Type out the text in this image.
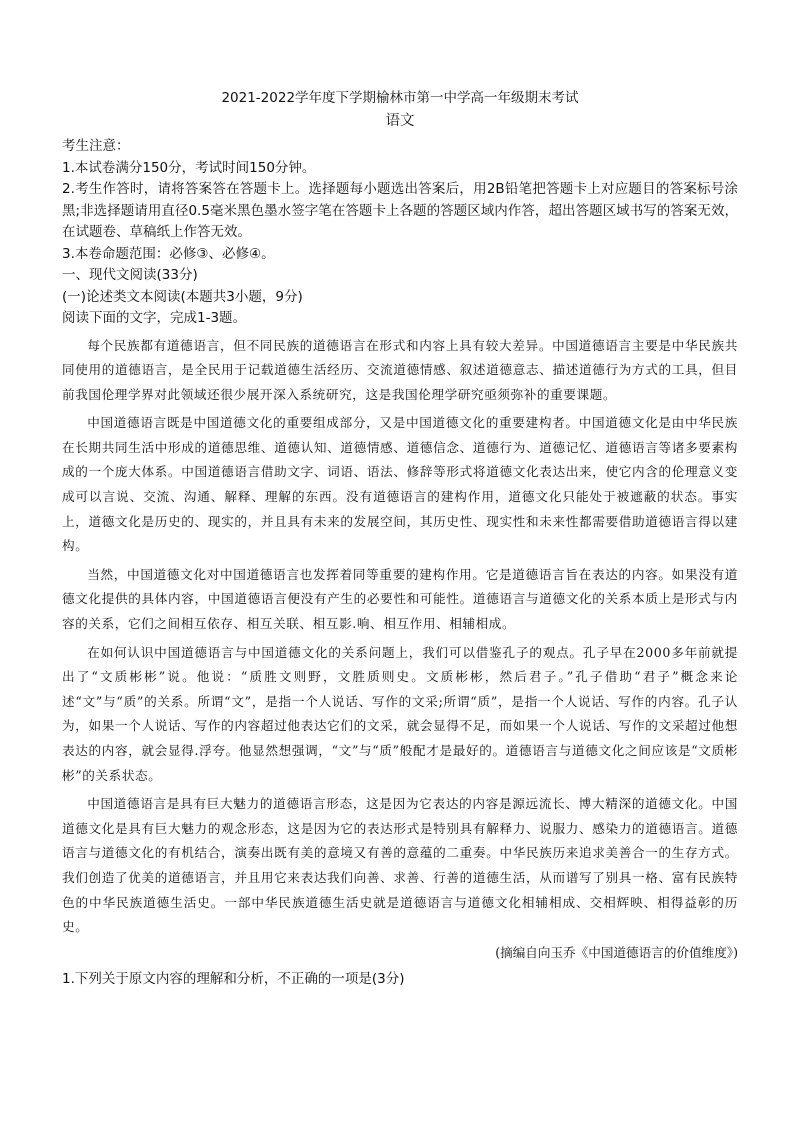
2021-2022学年度下学期榆林市第一中学高一年级期末考试

语文

考生注意：

1.本试卷满分150分，考试时间150分钟。

2.考生作答时，请将答案答在答题卡上。选择题每小题选出答案后，用2B铅笔把答题卡上对应题目的答案标号涂黑;非选择题请用直径0.5毫米黑色墨水签字笔在答题卡上各题的答题区域内作答，超出答题区域书写的答案无效，在试题卷、草稿纸上作答无效。

3.本卷命题范围：必修③、必修④。

一、现代文阅读(33分)

(一)论述类文本阅读(本题共3小题，9分)

阅读下面的文字，完成1-3题。

每个民族都有道德语言，但不同民族的道德语言在形式和内容上具有较大差异。中国道德语言主要是中华民族共同使用的道德语言，是全民用于记载道德生活经历、交流道德情感、叙述道德意志、描述道德行为方式的工具，但目前我国伦理学界对此领域还很少展开深入系统研究，这是我国伦理学研究亟须弥补的重要课题。

中国道德语言既是中国道德文化的重要组成部分，又是中国道德文化的重要建构者。中国道德文化是由中华民族在长期共同生活中形成的道德思维、道德认知、道德情感、道德信念、道德行为、道德记忆、道德语言等诸多要素构成的一个庞大体系。中国道德语言借助文字、词语、语法、修辞等形式将道德文化表达出来，使它内含的伦理意义变成可以言说、交流、沟通、解释、理解的东西。没有道德语言的建构作用，道德文化只能处于被遮蔽的状态。事实上，道德文化是历史的、现实的，并且具有未来的发展空间，其历史性、现实性和未来性都需要借助道德语言得以建构。

当然，中国道德文化对中国道德语言也发挥着同等重要的建构作用。它是道德语言旨在表达的内容。如果没有道德文化提供的具体内容，中国道德语言便没有产生的必要性和可能性。道德语言与道德文化的关系本质上是形式与内容的关系，它们之间相互依存、相互关联、相互影.响、相互作用、相辅相成。

在如何认识中国道德语言与中国道德文化的关系问题上，我们可以借鉴孔子的观点。孔子早在2000多年前就提出了“文质彬彬”说。他说：“质胜文则野，文胜质则史。文质彬彬，然后君子。”孔子借助“君子”概念来论述“文”与“质”的关系。所谓“文”，是指一个人说话、写作的文采;所谓“质”，是指一个人说话、写作的内容。孔子认为，如果一个人说话、写作的内容超过他表达它们的文采，就会显得不足，而如果一个人说话、写作的文采超过他想表达的内容，就会显得.浮夸。他显然想强调，“文”与“质”般配才是最好的。道德语言与道德文化之间应该是“文质彬彬”的关系状态。

中国道德语言是具有巨大魅力的道德语言形态，这是因为它表达的内容是源远流长、博大精深的道德文化。中国道德文化是具有巨大魅力的观念形态，这是因为它的表达形式是特别具有解释力、说服力、感染力的道德语言。道德语言与道德文化的有机结合，演奏出既有美的意境又有善的意蕴的二重奏。中华民族历来追求美善合一的生存方式。我们创造了优美的道德语言，并且用它来表达我们向善、求善、行善的道德生活，从而谱写了别具一格、富有民族特色的中华民族道德生活史。一部中华民族道德生活史就是道德语言与道德文化相辅相成、交相辉映、相得益彰的历史。

(摘编自向玉乔《中国道德语言的价值维度》)

1.下列关于原文内容的理解和分析，不正确的一项是(3分)
